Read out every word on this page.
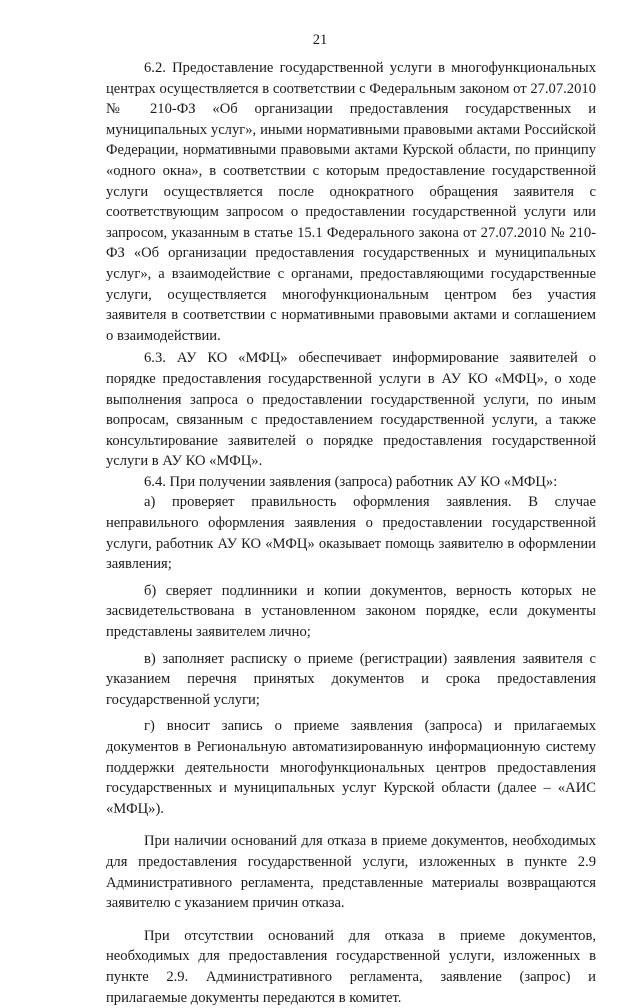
21

6.2. Предоставление государственной услуги в многофункциональных центрах осуществляется в соответствии с Федеральным законом от 27.07.2010 № 210-ФЗ «Об организации предоставления государственных и муниципальных услуг», иными нормативными правовыми актами Российской Федерации, нормативными правовыми актами Курской области, по принципу «одного окна», в соответствии с которым предоставление государственной услуги осуществляется после однократного обращения заявителя с соответствующим запросом о предоставлении государственной услуги или запросом, указанным в статье 15.1 Федерального закона от 27.07.2010 № 210-ФЗ «Об организации предоставления государственных и муниципальных услуг», а взаимодействие с органами, предоставляющими государственные услуги, осуществляется многофункциональным центром без участия заявителя в соответствии с нормативными правовыми актами и соглашением о взаимодействии.

6.3. АУ КО «МФЦ» обеспечивает информирование заявителей о порядке предоставления государственной услуги в АУ КО «МФЦ», о ходе выполнения запроса о предоставлении государственной услуги, по иным вопросам, связанным с предоставлением государственной услуги, а также консультирование заявителей о порядке предоставления государственной услуги в АУ КО «МФЦ».

6.4. При получении заявления (запроса) работник АУ КО «МФЦ»:

а) проверяет правильность оформления заявления. В случае неправильного оформления заявления о предоставлении государственной услуги, работник АУ КО «МФЦ» оказывает помощь заявителю в оформлении заявления;

б) сверяет подлинники и копии документов, верность которых не засвидетельствована в установленном законом порядке, если документы представлены заявителем лично;

в) заполняет расписку о приеме (регистрации) заявления заявителя с указанием перечня принятых документов и срока предоставления государственной услуги;

г) вносит запись о приеме заявления (запроса) и прилагаемых документов в Региональную автоматизированную информационную систему поддержки деятельности многофункциональных центров предоставления государственных и муниципальных услуг Курской области (далее – «АИС «МФЦ»).

При наличии оснований для отказа в приеме документов, необходимых для предоставления государственной услуги, изложенных в пункте 2.9 Административного регламента, представленные материалы возвращаются заявителю с указанием причин отказа.

При отсутствии оснований для отказа в приеме документов, необходимых для предоставления государственной услуги, изложенных в пункте 2.9. Административного регламента, заявление (запрос) и прилагаемые документы передаются в комитет.
